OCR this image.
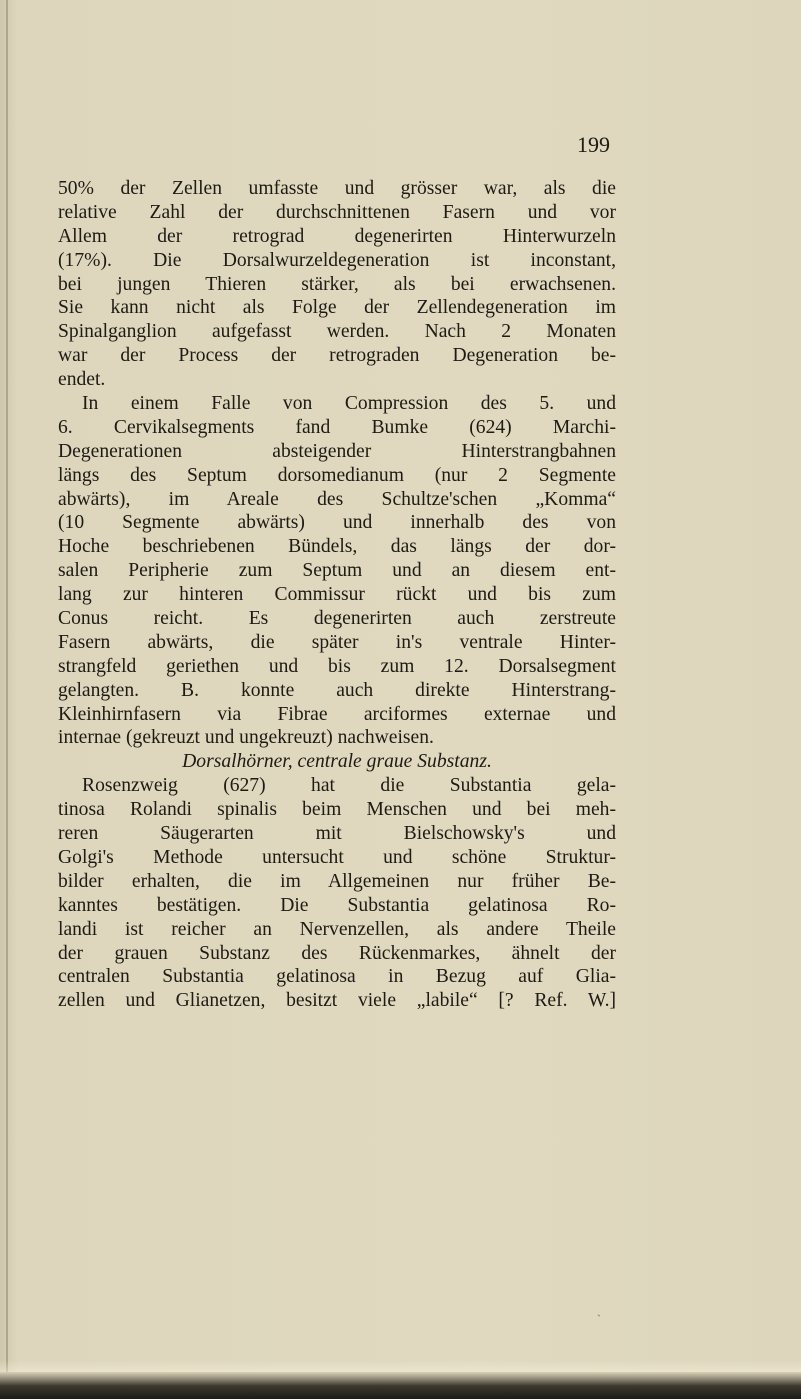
199
50% der Zellen umfasste und grösser war, als die
relative Zahl der durchschnittenen Fasern und vor
Allem der retrograd degenerirten Hinterwurzeln
(17%). Die Dorsalwurzeldegeneration ist inconstant,
bei jungen Thieren stärker, als bei erwachsenen.
Sie kann nicht als Folge der Zellendegeneration im
Spinalganglion aufgefasst werden. Nach 2 Monaten
war der Process der retrograden Degeneration be-
endet.
In einem Falle von Compression des 5. und
6. Cervikalsegments fand Bumke (624) Marchi-
Degenerationen absteigender Hinterstrangbahnen
längs des Septum dorsomedianum (nur 2 Segmente
abwärts), im Areale des Schultze'schen „Komma“
(10 Segmente abwärts) und innerhalb des von
Hoche beschriebenen Bündels, das längs der dor-
salen Peripherie zum Septum und an diesem ent-
lang zur hinteren Commissur rückt und bis zum
Conus reicht. Es degenerirten auch zerstreute
Fasern abwärts, die später in's ventrale Hinter-
strangfeld geriethen und bis zum 12. Dorsalsegment
gelangten. B. konnte auch direkte Hinterstrang-
Kleinhirnfasern via Fibrae arciformes externae und
internae (gekreuzt und ungekreuzt) nachweisen.
Dorsalhörner, centrale graue Substanz.
Rosenzweig (627) hat die Substantia gela-
tinosa Rolandi spinalis beim Menschen und bei meh-
reren Säugerarten mit Bielschowsky's und
Golgi's Methode untersucht und schöne Struktur-
bilder erhalten, die im Allgemeinen nur früher Be-
kanntes bestätigen. Die Substantia gelatinosa Ro-
landi ist reicher an Nervenzellen, als andere Theile
der grauen Substanz des Rückenmarkes, ähnelt der
centralen Substantia gelatinosa in Bezug auf Glia-
zellen und Glianetzen, besitzt viele „labile“ [? Ref. W.]
ˎ
